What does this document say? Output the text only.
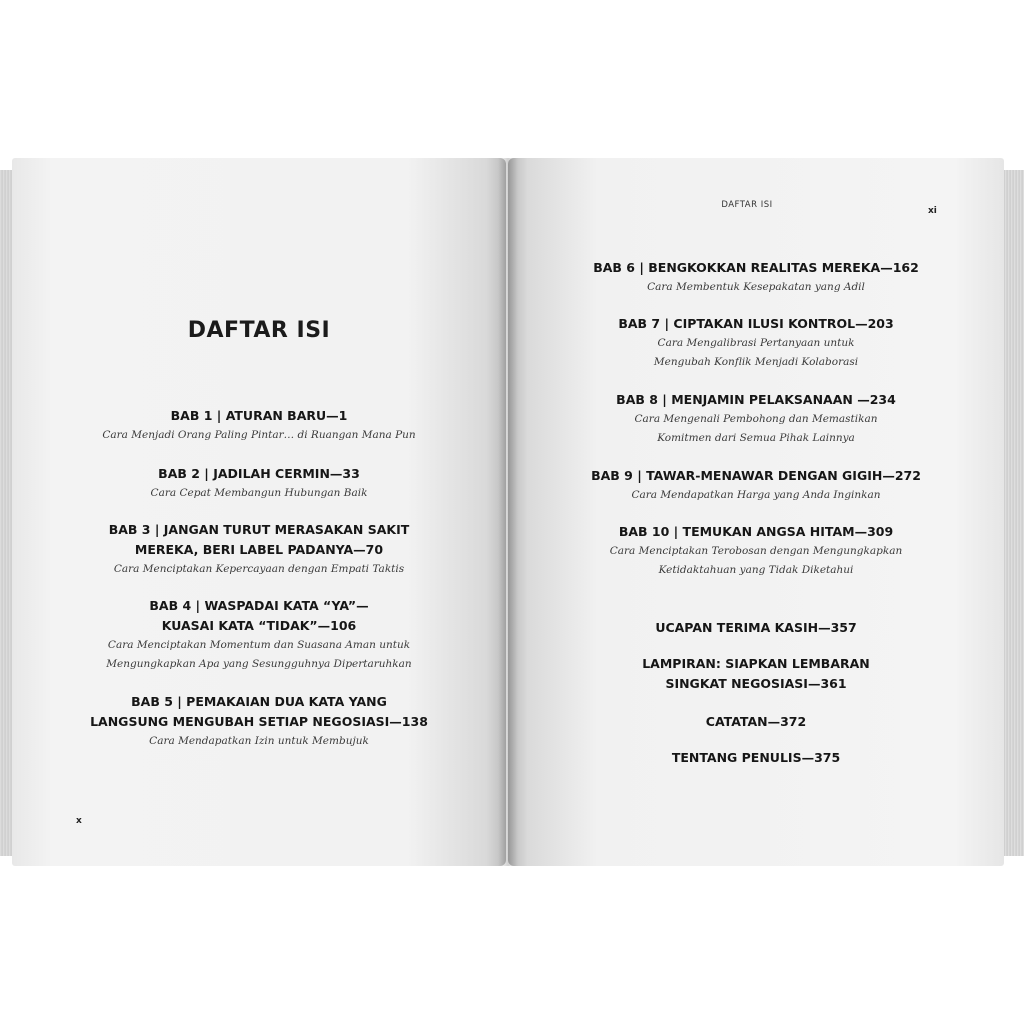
DAFTAR ISI
BAB 1 | ATURAN BARU—1
Cara Menjadi Orang Paling Pintar… di Ruangan Mana Pun
BAB 2 | JADILAH CERMIN—33
Cara Cepat Membangun Hubungan Baik
BAB 3 | JANGAN TURUT MERASAKAN SAKIT
MEREKA, BERI LABEL PADANYA—70
Cara Menciptakan Kepercayaan dengan Empati Taktis
BAB 4 | WASPADAI KATA “YA”—
KUASAI KATA “TIDAK”—106
Cara Menciptakan Momentum dan Suasana Aman untuk
Mengungkapkan Apa yang Sesungguhnya Dipertaruhkan
BAB 5 | PEMAKAIAN DUA KATA YANG
LANGSUNG MENGUBAH SETIAP NEGOSIASI—138
Cara Mendapatkan Izin untuk Membujuk
x
DAFTAR ISI
xi
BAB 6 | BENGKOKKAN REALITAS MEREKA—162
Cara Membentuk Kesepakatan yang Adil
BAB 7 | CIPTAKAN ILUSI KONTROL—203
Cara Mengalibrasi Pertanyaan untuk
Mengubah Konflik Menjadi Kolaborasi
BAB 8 | MENJAMIN PELAKSANAAN —234
Cara Mengenali Pembohong dan Memastikan
Komitmen dari Semua Pihak Lainnya
BAB 9 | TAWAR-MENAWAR DENGAN GIGIH—272
Cara Mendapatkan Harga yang Anda Inginkan
BAB 10 | TEMUKAN ANGSA HITAM—309
Cara Menciptakan Terobosan dengan Mengungkapkan
Ketidaktahuan yang Tidak Diketahui
UCAPAN TERIMA KASIH—357
LAMPIRAN: SIAPKAN LEMBARAN
SINGKAT NEGOSIASI—361
CATATAN—372
TENTANG PENULIS—375
